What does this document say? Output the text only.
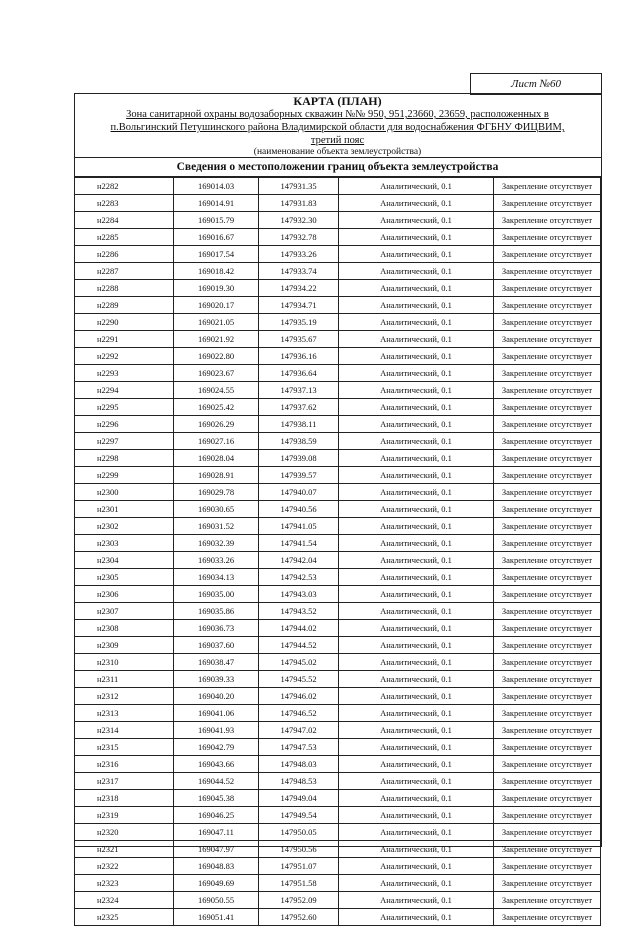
Лист №60
КАРТА (ПЛАН)
Зона санитарной охраны водозаборных скважин №№ 950, 951,23660, 23659, расположенных в
п.Вольгинский Петушинского района Владимирской области для водоснабжения ФГБНУ ФИЦВИМ,
третий пояс
(наименование объекта землеустройства)
Сведения о местоположении границ объекта землеустройства
н2282	169014.03	147931.35	Аналитический, 0.1	Закрепление отсутствует
н2283	169014.91	147931.83	Аналитический, 0.1	Закрепление отсутствует
н2284	169015.79	147932.30	Аналитический, 0.1	Закрепление отсутствует
н2285	169016.67	147932.78	Аналитический, 0.1	Закрепление отсутствует
н2286	169017.54	147933.26	Аналитический, 0.1	Закрепление отсутствует
н2287	169018.42	147933.74	Аналитический, 0.1	Закрепление отсутствует
н2288	169019.30	147934.22	Аналитический, 0.1	Закрепление отсутствует
н2289	169020.17	147934.71	Аналитический, 0.1	Закрепление отсутствует
н2290	169021.05	147935.19	Аналитический, 0.1	Закрепление отсутствует
н2291	169021.92	147935.67	Аналитический, 0.1	Закрепление отсутствует
н2292	169022.80	147936.16	Аналитический, 0.1	Закрепление отсутствует
н2293	169023.67	147936.64	Аналитический, 0.1	Закрепление отсутствует
н2294	169024.55	147937.13	Аналитический, 0.1	Закрепление отсутствует
н2295	169025.42	147937.62	Аналитический, 0.1	Закрепление отсутствует
н2296	169026.29	147938.11	Аналитический, 0.1	Закрепление отсутствует
н2297	169027.16	147938.59	Аналитический, 0.1	Закрепление отсутствует
н2298	169028.04	147939.08	Аналитический, 0.1	Закрепление отсутствует
н2299	169028.91	147939.57	Аналитический, 0.1	Закрепление отсутствует
н2300	169029.78	147940.07	Аналитический, 0.1	Закрепление отсутствует
н2301	169030.65	147940.56	Аналитический, 0.1	Закрепление отсутствует
н2302	169031.52	147941.05	Аналитический, 0.1	Закрепление отсутствует
н2303	169032.39	147941.54	Аналитический, 0.1	Закрепление отсутствует
н2304	169033.26	147942.04	Аналитический, 0.1	Закрепление отсутствует
н2305	169034.13	147942.53	Аналитический, 0.1	Закрепление отсутствует
н2306	169035.00	147943.03	Аналитический, 0.1	Закрепление отсутствует
н2307	169035.86	147943.52	Аналитический, 0.1	Закрепление отсутствует
н2308	169036.73	147944.02	Аналитический, 0.1	Закрепление отсутствует
н2309	169037.60	147944.52	Аналитический, 0.1	Закрепление отсутствует
н2310	169038.47	147945.02	Аналитический, 0.1	Закрепление отсутствует
н2311	169039.33	147945.52	Аналитический, 0.1	Закрепление отсутствует
н2312	169040.20	147946.02	Аналитический, 0.1	Закрепление отсутствует
н2313	169041.06	147946.52	Аналитический, 0.1	Закрепление отсутствует
н2314	169041.93	147947.02	Аналитический, 0.1	Закрепление отсутствует
н2315	169042.79	147947.53	Аналитический, 0.1	Закрепление отсутствует
н2316	169043.66	147948.03	Аналитический, 0.1	Закрепление отсутствует
н2317	169044.52	147948.53	Аналитический, 0.1	Закрепление отсутствует
н2318	169045.38	147949.04	Аналитический, 0.1	Закрепление отсутствует
н2319	169046.25	147949.54	Аналитический, 0.1	Закрепление отсутствует
н2320	169047.11	147950.05	Аналитический, 0.1	Закрепление отсутствует
н2321	169047.97	147950.56	Аналитический, 0.1	Закрепление отсутствует
н2322	169048.83	147951.07	Аналитический, 0.1	Закрепление отсутствует
н2323	169049.69	147951.58	Аналитический, 0.1	Закрепление отсутствует
н2324	169050.55	147952.09	Аналитический, 0.1	Закрепление отсутствует
н2325	169051.41	147952.60	Аналитический, 0.1	Закрепление отсутствует
